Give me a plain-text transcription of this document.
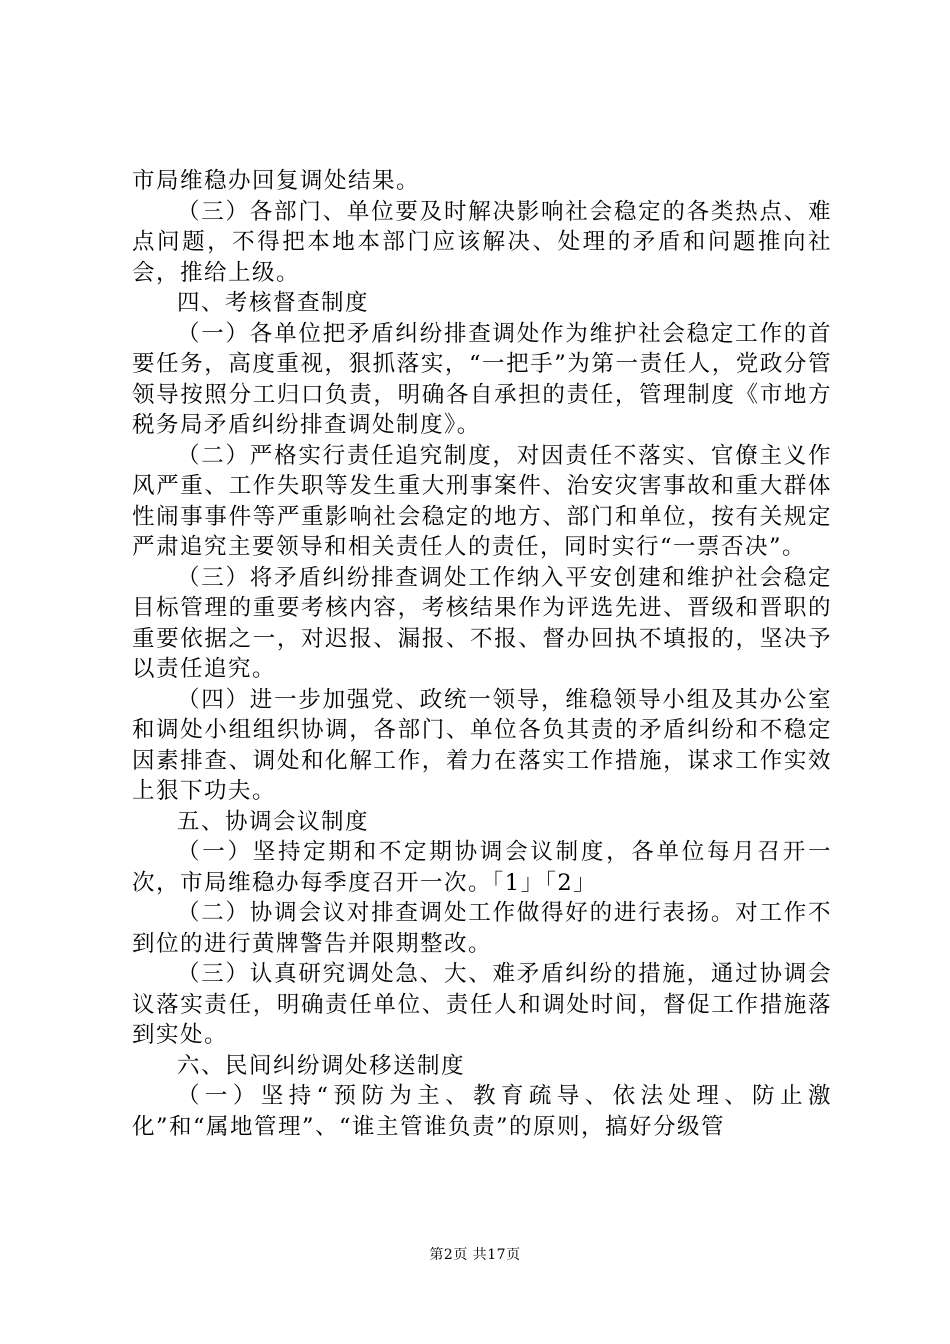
市局维稳办回复调处结果。

（三）各部门、单位要及时解决影响社会稳定的各类热点、难点问题，不得把本地本部门应该解决、处理的矛盾和问题推向社会，推给上级。

四、考核督查制度

（一）各单位把矛盾纠纷排查调处作为维护社会稳定工作的首要任务，高度重视，狠抓落实，“一把手”为第一责任人，党政分管领导按照分工归口负责，明确各自承担的责任，管理制度《市地方税务局矛盾纠纷排查调处制度》。

（二）严格实行责任追究制度，对因责任不落实、官僚主义作风严重、工作失职等发生重大刑事案件、治安灾害事故和重大群体性闹事事件等严重影响社会稳定的地方、部门和单位，按有关规定严肃追究主要领导和相关责任人的责任，同时实行“一票否决”。

（三）将矛盾纠纷排查调处工作纳入平安创建和维护社会稳定目标管理的重要考核内容，考核结果作为评选先进、晋级和晋职的重要依据之一，对迟报、漏报、不报、督办回执不填报的，坚决予以责任追究。

（四）进一步加强党、政统一领导，维稳领导小组及其办公室和调处小组组织协调，各部门、单位各负其责的矛盾纠纷和不稳定因素排查、调处和化解工作，着力在落实工作措施，谋求工作实效上狠下功夫。

五、协调会议制度

（一）坚持定期和不定期协调会议制度，各单位每月召开一次，市局维稳办每季度召开一次。「1」「2」

（二）协调会议对排查调处工作做得好的进行表扬。对工作不到位的进行黄牌警告并限期整改。

（三）认真研究调处急、大、难矛盾纠纷的措施，通过协调会议落实责任，明确责任单位、责任人和调处时间，督促工作措施落到实处。

六、民间纠纷调处移送制度

（一）坚持“预防为主、教育疏导、依法处理、防止激化”和“属地管理”、“谁主管谁负责”的原则，搞好分级管

第2页 共17页
